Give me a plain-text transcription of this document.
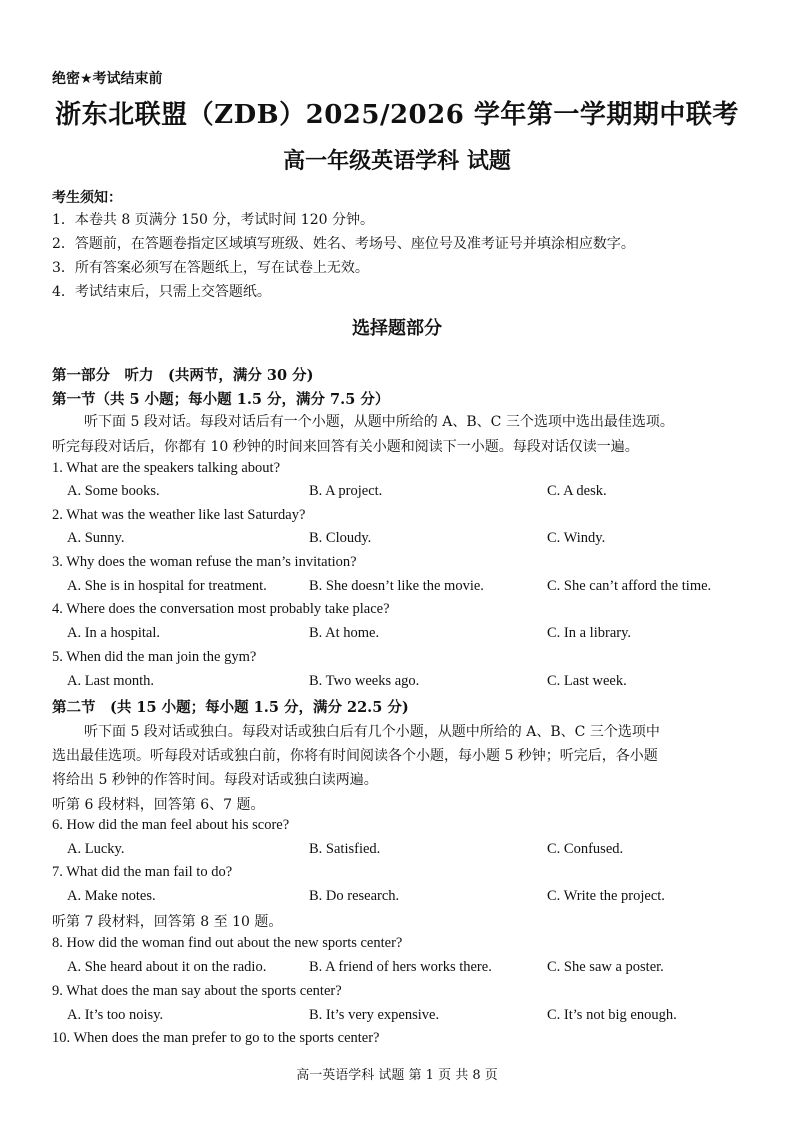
绝密★考试结束前
浙东北联盟（ZDB）2025/2026 学年第一学期期中联考
高一年级英语学科 试题
考生须知：
1．本卷共 8 页满分 150 分，考试时间 120 分钟。
2．答题前，在答题卷指定区域填写班级、姓名、考场号、座位号及准考证号并填涂相应数字。
3．所有答案必须写在答题纸上，写在试卷上无效。
4．考试结束后，只需上交答题纸。
选择题部分
第一部分　听力　(共两节，满分 30 分)
第一节（共 5 小题；每小题 1.5 分，满分 7.5 分）
听下面 5 段对话。每段对话后有一个小题，从题中所给的 A、B、C 三个选项中选出最佳选项。
听完每段对话后，你都有 10 秒钟的时间来回答有关小题和阅读下一小题。每段对话仅读一遍。
1. What are the speakers talking about?
A. Some books.	B. A project.	C. A desk.
2. What was the weather like last Saturday?
A. Sunny.	B. Cloudy.	C. Windy.
3. Why does the woman refuse the man’s invitation?
A. She is in hospital for treatment.	B. She doesn’t like the movie.	C. She can’t afford the time.
4. Where does the conversation most probably take place?
A. In a hospital.	B. At home.	C. In a library.
5. When did the man join the gym?
A. Last month.	B. Two weeks ago.	C. Last week.
第二节　(共 15 小题；每小题 1.5 分，满分 22.5 分)
听下面 5 段对话或独白。每段对话或独白后有几个小题，从题中所给的 A、B、C 三个选项中
选出最佳选项。听每段对话或独白前，你将有时间阅读各个小题，每小题 5 秒钟；听完后，各小题
将给出 5 秒钟的作答时间。每段对话或独白读两遍。
听第 6 段材料，回答第 6、7 题。
6. How did the man feel about his score?
A. Lucky.	B. Satisfied.	C. Confused.
7. What did the man fail to do?
A. Make notes.	B. Do research.	C. Write the project.
听第 7 段材料，回答第 8 至 10 题。
8. How did the woman find out about the new sports center?
A. She heard about it on the radio.	B. A friend of hers works there.	C. She saw a poster.
9. What does the man say about the sports center?
A. It’s too noisy.	B. It’s very expensive.	C. It’s not big enough.
10. When does the man prefer to go to the sports center?
高一英语学科 试题 第 1 页 共 8 页
